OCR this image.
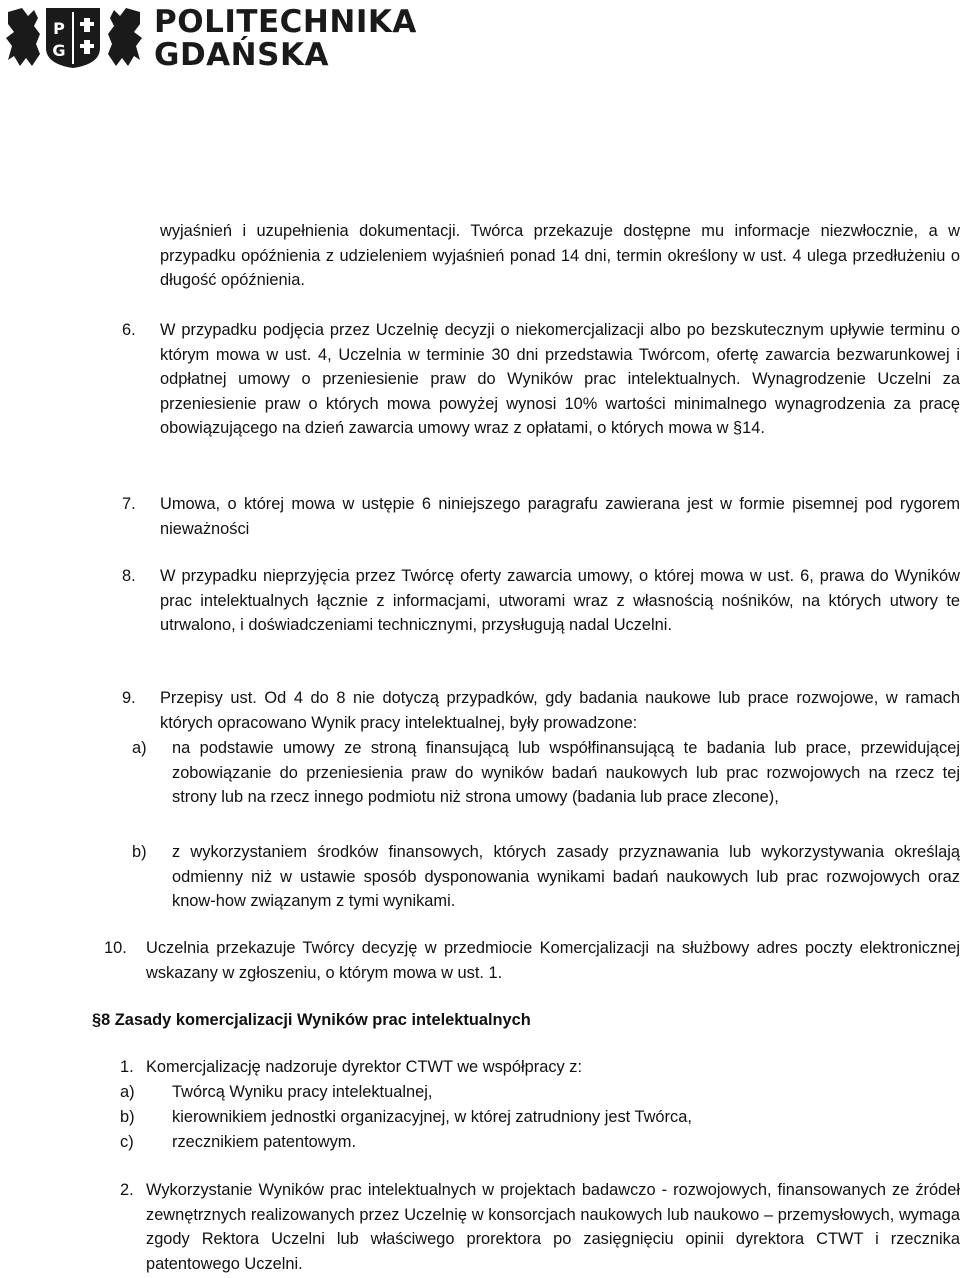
P
G
POLITECHNIKA
GDAŃSKA
wyjaśnień i uzupełnienia dokumentacji. Twórca przekazuje dostępne mu informacje niezwłocznie, a w przypadku opóźnienia z udzieleniem wyjaśnień ponad 14 dni, termin określony w ust. 4 ulega przedłużeniu o długość opóźnienia.
6. W przypadku podjęcia przez Uczelnię decyzji o niekomercjalizacji albo po bezskutecznym upływie terminu o którym mowa w ust. 4, Uczelnia w terminie 30 dni przedstawia Twórcom, ofertę zawarcia bezwarunkowej i odpłatnej umowy o przeniesienie praw do Wyników prac intelektualnych. Wynagrodzenie Uczelni za przeniesienie praw o których mowa powyżej wynosi 10% wartości minimalnego wynagrodzenia za pracę obowiązującego na dzień zawarcia umowy wraz z opłatami, o których mowa w §14.
7. Umowa, o której mowa w ustępie 6 niniejszego paragrafu zawierana jest w formie pisemnej pod rygorem nieważności
8. W przypadku nieprzyjęcia przez Twórcę oferty zawarcia umowy, o której mowa w ust. 6, prawa do Wyników prac intelektualnych łącznie z informacjami, utworami wraz z własnością nośników, na których utwory te utrwalono, i doświadczeniami technicznymi, przysługują nadal Uczelni.
9. Przepisy ust. Od 4 do 8 nie dotyczą przypadków, gdy badania naukowe lub prace rozwojowe, w ramach których opracowano Wynik pracy intelektualnej, były prowadzone:
a) na podstawie umowy ze stroną finansującą lub współfinansującą te badania lub prace, przewidującej zobowiązanie do przeniesienia praw do wyników badań naukowych lub prac rozwojowych na rzecz tej strony lub na rzecz innego podmiotu niż strona umowy (badania lub prace zlecone),
b) z wykorzystaniem środków finansowych, których zasady przyznawania lub wykorzystywania określają odmienny niż w ustawie sposób dysponowania wynikami badań naukowych lub prac rozwojowych oraz know-how związanym z tymi wynikami.
10. Uczelnia przekazuje Twórcy decyzję w przedmiocie Komercjalizacji na służbowy adres poczty elektronicznej wskazany w zgłoszeniu, o którym mowa w ust. 1.
§8 Zasady komercjalizacji Wyników prac intelektualnych
1. Komercjalizację nadzoruje dyrektor CTWT we współpracy z:
a) Twórcą Wyniku pracy intelektualnej,
b) kierownikiem jednostki organizacyjnej, w której zatrudniony jest Twórca,
c) rzecznikiem patentowym.
2. Wykorzystanie Wyników prac intelektualnych w projektach badawczo - rozwojowych, finansowanych ze źródeł zewnętrznych realizowanych przez Uczelnię w konsorcjach naukowych lub naukowo – przemysłowych, wymaga zgody Rektora Uczelni lub właściwego prorektora po zasięgnięciu opinii dyrektora CTWT i rzecznika patentowego Uczelni.
